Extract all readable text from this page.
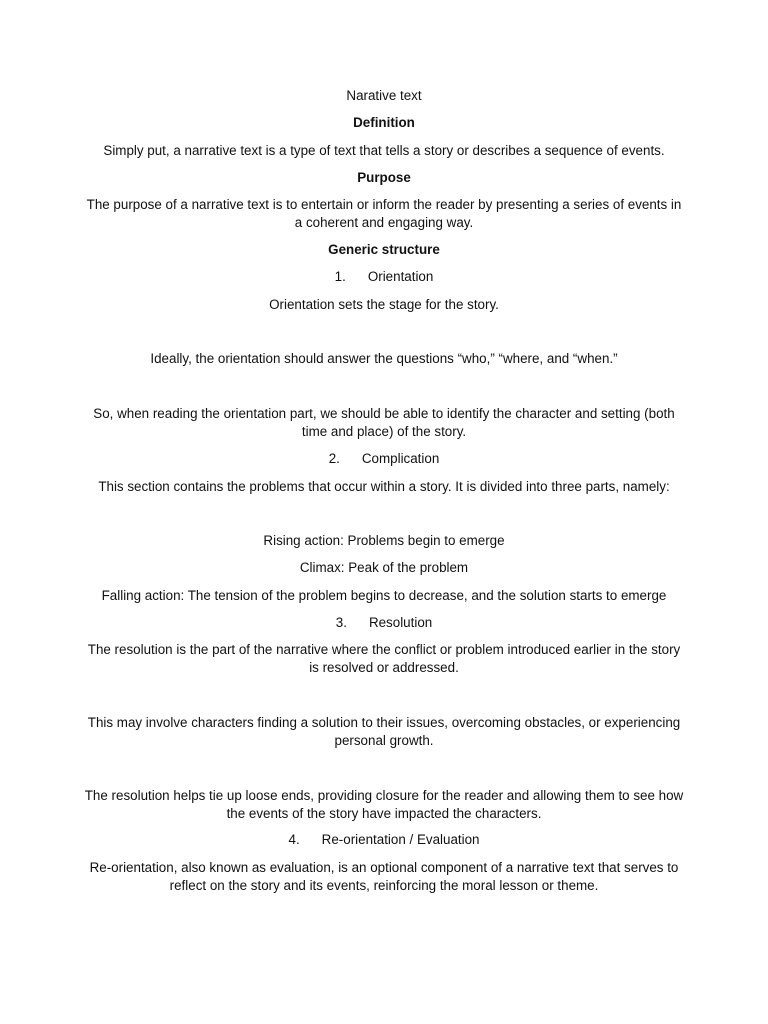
Narative text
Definition
Simply put, a narrative text is a type of text that tells a story or describes a sequence of events.
Purpose
The purpose of a narrative text is to entertain or inform the reader by presenting a series of events in a coherent and engaging way.
Generic structure
1. Orientation
Orientation sets the stage for the story.
Ideally, the orientation should answer the questions “who,” “where, and “when.”
So, when reading the orientation part, we should be able to identify the character and setting (both time and place) of the story.
2. Complication
This section contains the problems that occur within a story. It is divided into three parts, namely:
Rising action: Problems begin to emerge
Climax: Peak of the problem
Falling action: The tension of the problem begins to decrease, and the solution starts to emerge
3. Resolution
The resolution is the part of the narrative where the conflict or problem introduced earlier in the story is resolved or addressed.
This may involve characters finding a solution to their issues, overcoming obstacles, or experiencing personal growth.
The resolution helps tie up loose ends, providing closure for the reader and allowing them to see how the events of the story have impacted the characters.
4. Re-orientation / Evaluation
Re-orientation, also known as evaluation, is an optional component of a narrative text that serves to reflect on the story and its events, reinforcing the moral lesson or theme.
